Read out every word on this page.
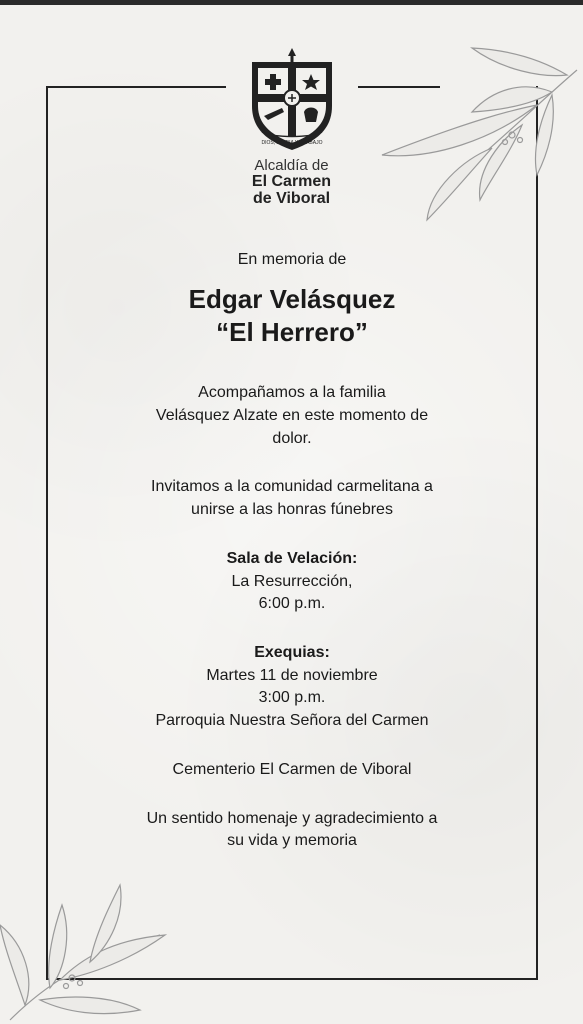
DIOS, PATRIA Y TRABAJO
Alcaldía de
El Carmen
de Viboral

En memoria de

Edgar Velásquez
“El Herrero”

Acompañamos a la familia
Velásquez Alzate en este momento de
dolor.

Invitamos a la comunidad carmelitana a
unirse a las honras fúnebres

Sala de Velación:
La Resurrección,
6:00 p.m.

Exequias:
Martes 11 de noviembre
3:00 p.m.
Parroquia Nuestra Señora del Carmen

Cementerio El Carmen de Viboral

Un sentido homenaje y agradecimiento a
su vida y memoria
